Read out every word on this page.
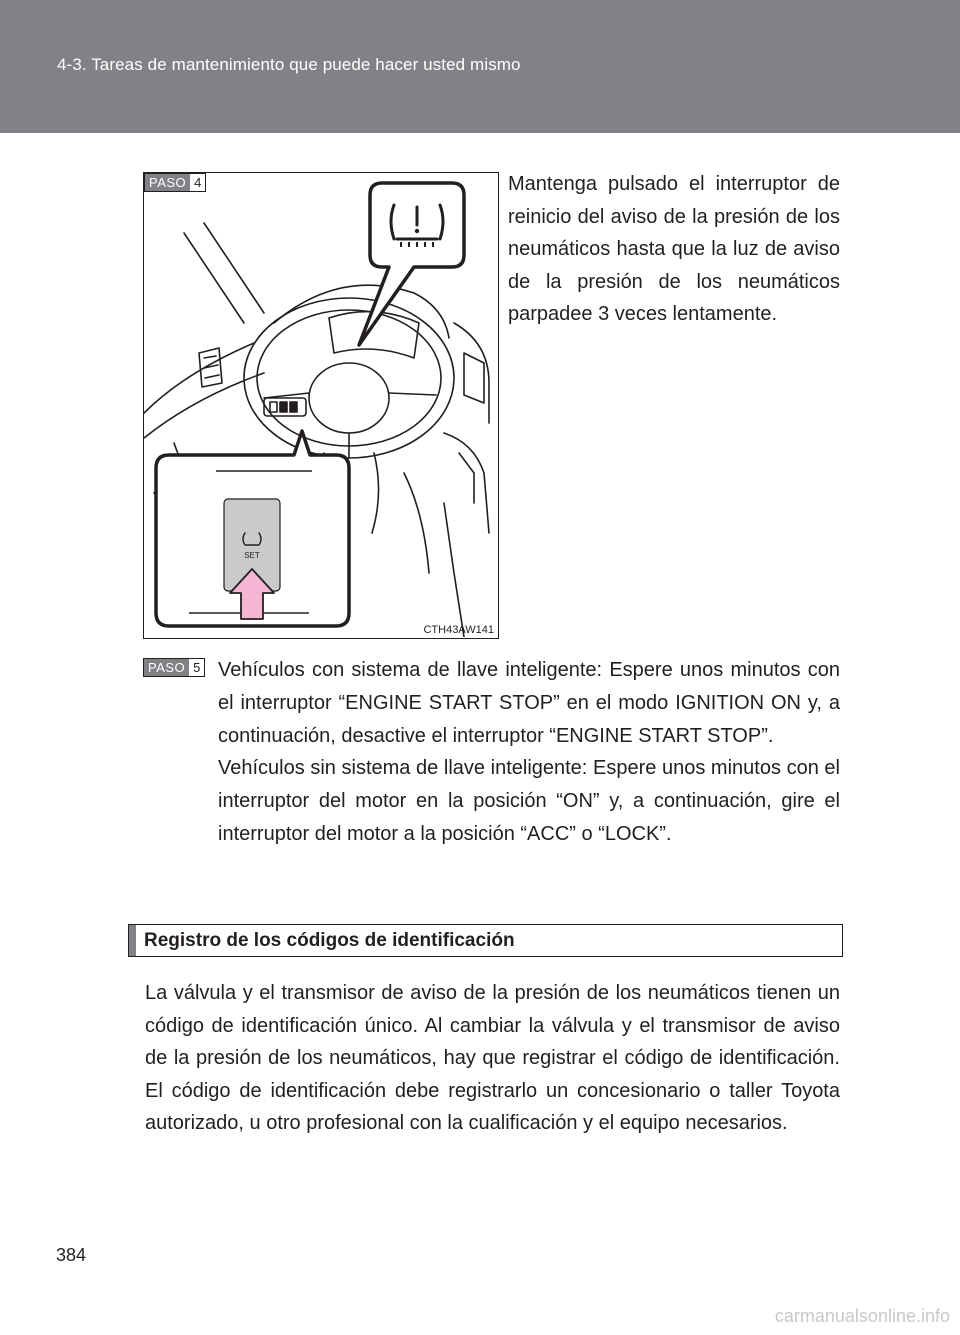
4-3. Tareas de mantenimiento que puede hacer usted mismo
SET
PASO 4
CTH43AW141
Mantenga pulsado el interruptor de reinicio del aviso de la presión de los neumáticos hasta que la luz de aviso de la presión de los neumáticos parpadee 3 veces lentamente.
PASO 5 Vehículos con sistema de llave inteligente: Espere unos minutos con el interruptor “ENGINE START STOP” en el modo IGNITION ON y, a continuación, desactive el interruptor “ENGINE START STOP”.

Vehículos sin sistema de llave inteligente: Espere unos minutos con el interruptor del motor en la posición “ON” y, a continuación, gire el interruptor del motor a la posición “ACC” o “LOCK”.

Registro de los códigos de identificación
La válvula y el transmisor de aviso de la presión de los neumáticos tienen un código de identificación único. Al cambiar la válvula y el transmisor de aviso de la presión de los neumáticos, hay que registrar el código de identificación. El código de identificación debe registrarlo un concesionario o taller Toyota autorizado, u otro profesional con la cualificación y el equipo necesarios.
384
carmanualsonline.info
